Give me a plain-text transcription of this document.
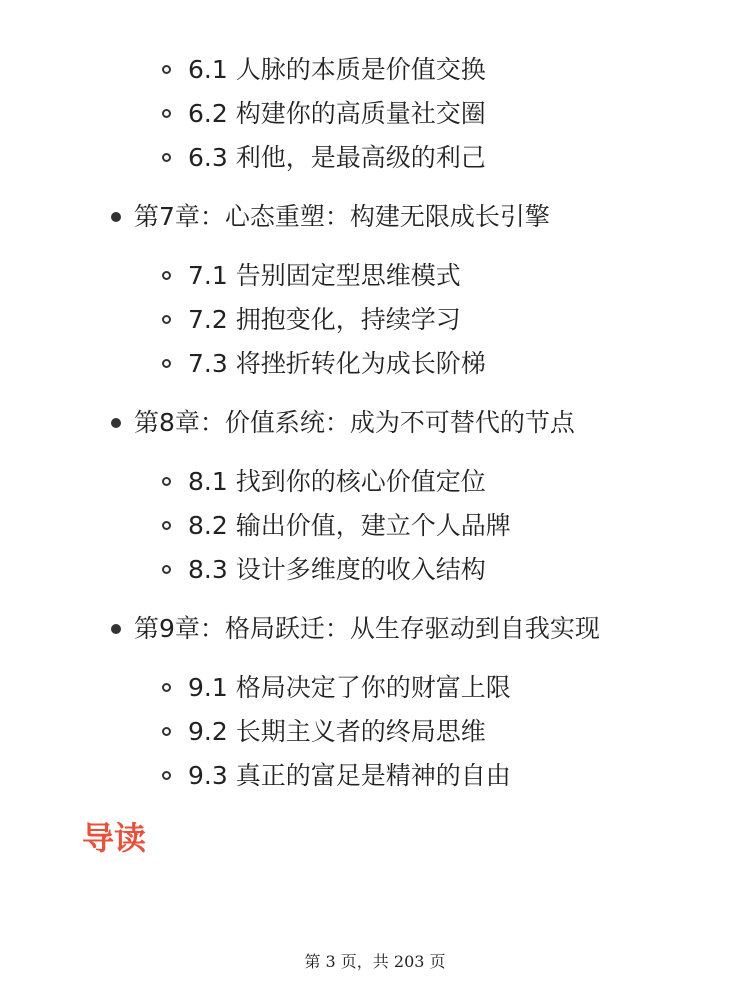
6.1 人脉的本质是价值交换
6.2 构建你的高质量社交圈
6.3 利他，是最高级的利己
第7章：心态重塑：构建无限成长引擎
7.1 告别固定型思维模式
7.2 拥抱变化，持续学习
7.3 将挫折转化为成长阶梯
第8章：价值系统：成为不可替代的节点
8.1 找到你的核心价值定位
8.2 输出价值，建立个人品牌
8.3 设计多维度的收入结构
第9章：格局跃迁：从生存驱动到自我实现
9.1 格局决定了你的财富上限
9.2 长期主义者的终局思维
9.3 真正的富足是精神的自由
导读
第 3 页，共 203 页
